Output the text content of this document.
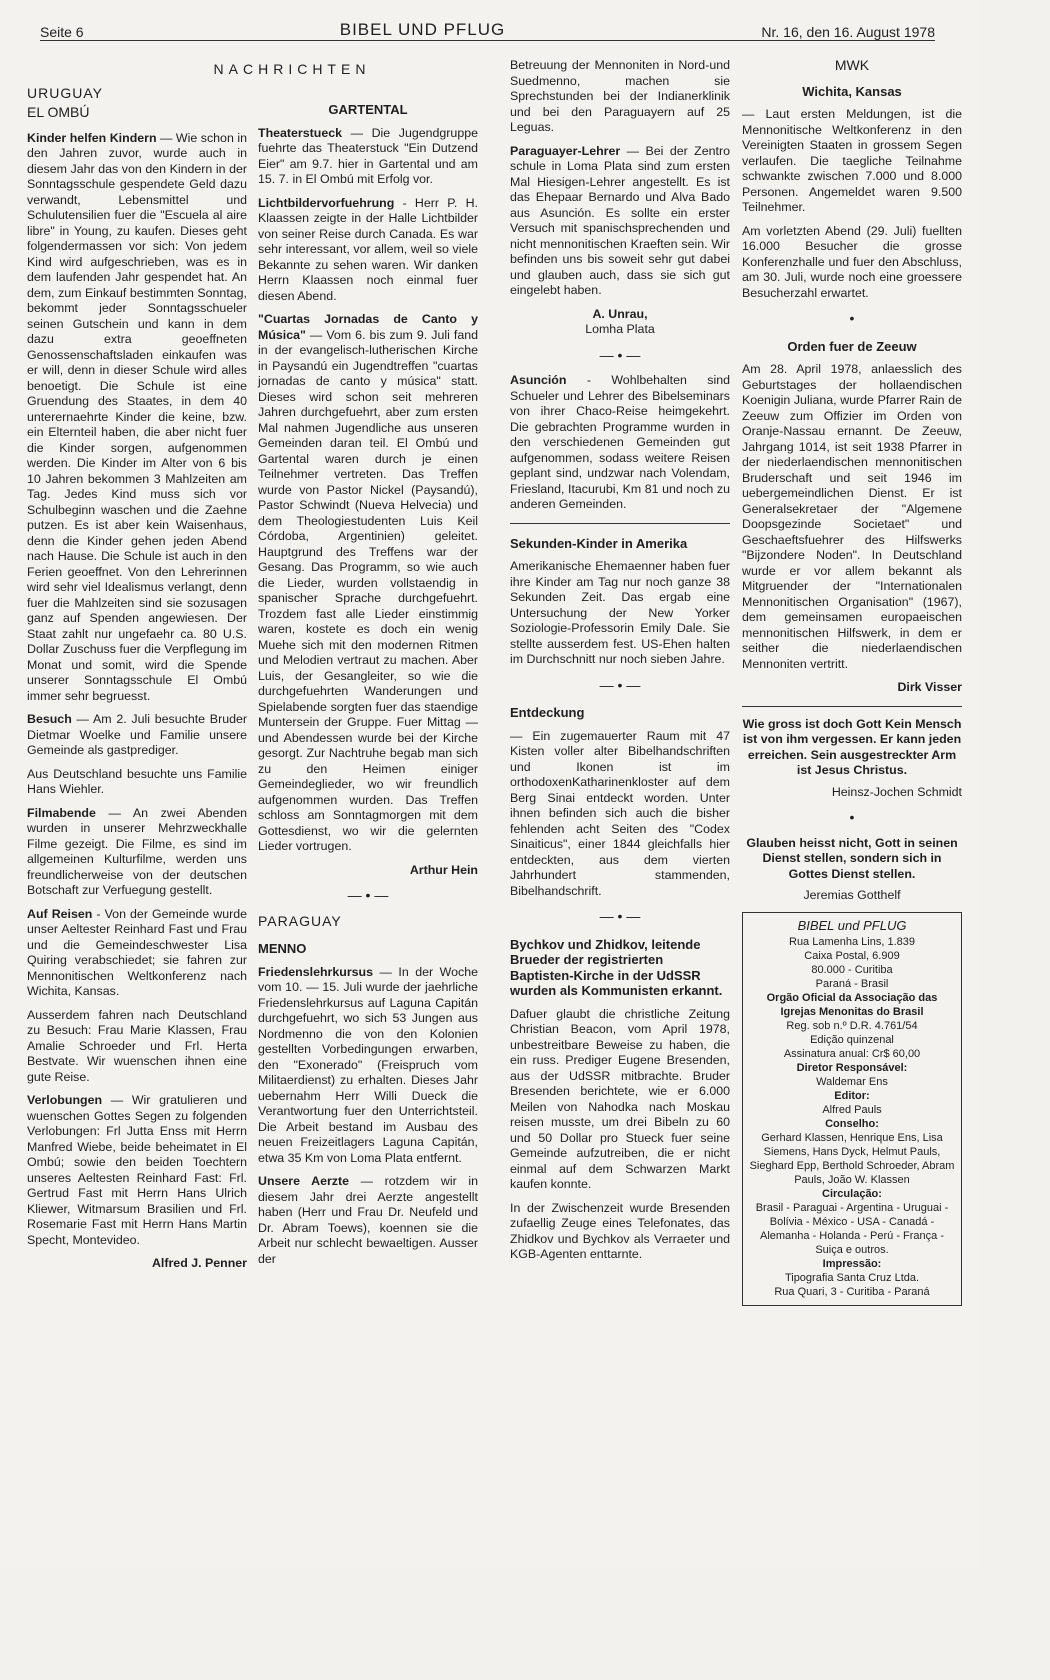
Seite 6	BIBEL UND PFLUG	Nr. 16, den 16. August 1978
NACHRICHTEN
URUGUAY
EL OMBÚ

Kinder helfen Kindern — Wie schon in den Jahren zuvor, wurde auch in diesem Jahr das von den Kindern in der Sonntagsschule gespendete Geld dazu verwandt, Lebensmittel und Schulutensilien fuer die "Escuela al aire libre" in Young, zu kaufen. Dieses geht folgendermassen vor sich: Von jedem Kind wird aufgeschrieben, was es in dem laufenden Jahr gespendet hat. An dem, zum Einkauf bestimmten Sonntag, bekommt jeder Sonntagsschueler seinen Gutschein und kann in dem dazu extra geoeffneten Genossenschaftsladen einkaufen was er will, denn in dieser Schule wird alles benoetigt. Die Schule ist eine Gruendung des Staates, in dem 40 unterernaehrte Kinder die keine, bzw. ein Elternteil haben, die aber nicht fuer die Kinder sorgen, aufgenommen werden. Die Kinder im Alter von 6 bis 10 Jahren bekommen 3 Mahlzeiten am Tag. Jedes Kind muss sich vor Schulbeginn waschen und die Zaehne putzen. Es ist aber kein Waisenhaus, denn die Kinder gehen jeden Abend nach Hause. Die Schule ist auch in den Ferien geoeffnet. Von den Lehrerinnen wird sehr viel Idealismus verlangt, denn fuer die Mahlzeiten sind sie sozusagen ganz auf Spenden angewiesen. Der Staat zahlt nur ungefaehr ca. 80 U.S. Dollar Zuschuss fuer die Verpflegung im Monat und somit, wird die Spende unserer Sonntagsschule El Ombú immer sehr begruesst.

Besuch — Am 2. Juli besuchte Bruder Dietmar Woelke und Familie unsere Gemeinde als gastprediger.

Aus Deutschland besuchte uns Familie Hans Wiehler.

Filmabende — An zwei Abenden wurden in unserer Mehrzweckhalle Filme gezeigt. Die Filme, es sind im allgemeinen Kulturfilme, werden uns freundlicherweise von der deutschen Botschaft zur Verfuegung gestellt.

Auf Reisen - Von der Gemeinde wurde unser Aeltester Reinhard Fast und Frau und die Gemeindeschwester Lisa Quiring verabschiedet; sie fahren zur Mennonitischen Weltkonferenz nach Wichita, Kansas.

Ausserdem fahren nach Deutschland zu Besuch: Frau Marie Klassen, Frau Amalie Schroeder und Frl. Herta Bestvate. Wir wuenschen ihnen eine gute Reise.

Verlobungen — Wir gratulieren und wuenschen Gottes Segen zu folgenden Verlobungen: Frl Jutta Enss mit Herrn Manfred Wiebe, beide beheimatet in El Ombú; sowie den beiden Toechtern unseres Aeltesten Reinhard Fast: Frl. Gertrud Fast mit Herrn Hans Ulrich Kliewer, Witmarsum Brasilien und Frl. Rosemarie Fast mit Herrn Hans Martin Specht, Montevideo.

Alfred J. Penner
GARTENTAL

Theaterstueck — Die Jugendgruppe fuehrte das Theaterstuck "Ein Dutzend Eier" am 9.7. hier in Gartental und am 15. 7. in El Ombú mit Erfolg vor.

Lichtbildervorfuehrung - Herr P. H. Klaassen zeigte in der Halle Lichtbilder von seiner Reise durch Canada. Es war sehr interessant, vor allem, weil so viele Bekannte zu sehen waren. Wir danken Herrn Klaassen noch einmal fuer diesen Abend.

"Cuartas Jornadas de Canto y Música" — Vom 6. bis zum 9. Juli fand in der evangelisch-lutherischen Kirche in Paysandú ein Jugendtreffen "cuartas jornadas de canto y música" statt. Dieses wird schon seit mehreren Jahren durchgefuehrt, aber zum ersten Mal nahmen Jugendliche aus unseren Gemeinden daran teil. El Ombú und Gartental waren durch je einen Teilnehmer vertreten. Das Treffen wurde von Pastor Nickel (Paysandú), Pastor Schwindt (Nueva Helvecia) und dem Theologiestudenten Luis Keil Córdoba, Argentinien) geleitet. Hauptgrund des Treffens war der Gesang. Das Programm, so wie auch die Lieder, wurden vollstaendig in spanischer Sprache durchgefuehrt. Trozdem fast alle Lieder einstimmig waren, kostete es doch ein wenig Muehe sich mit den modernen Ritmen und Melodien vertraut zu machen. Aber Luis, der Gesangleiter, so wie die durchgefuehrten Wanderungen und Spielabende sorgten fuer das staendige Muntersein der Gruppe. Fuer Mittag — und Abendessen wurde bei der Kirche gesorgt. Zur Nachtruhe begab man sich zu den Heimen einiger Gemeindeglieder, wo wir freundlich aufgenommen wurden. Das Treffen schloss am Sonntagmorgen mit dem Gottesdienst, wo wir die gelernten Lieder vortrugen.

Arthur Hein
— • —
PARAGUAY
MENNO

Friedenslehrkursus — In der Woche vom 10. — 15. Juli wurde der jaehrliche Friedenslehrkursus auf Laguna Capitán durchgefuehrt, wo sich 53 Jungen aus Nordmenno die von den Kolonien gestellten Vorbedingungen erwarben, den "Exonerado" (Freispruch vom Militaerdienst) zu erhalten. Dieses Jahr uebernahm Herr Willi Dueck die Verantwortung fuer den Unterrichtsteil. Die Arbeit bestand im Ausbau des neuen Freizeitlagers Laguna Capitán, etwa 35 Km von Loma Plata entfernt.

Unsere Aerzte — rotzdem wir in diesem Jahr drei Aerzte angestellt haben (Herr und Frau Dr. Neufeld und Dr. Abram Toews), koennen sie die Arbeit nur schlecht bewaeltigen. Ausser der

Betreuung der Mennoniten in Nord-und Suedmenno, machen sie Sprechstunden bei der Indianerklinik und bei den Paraguayern auf 25 Leguas.

Paraguayer-Lehrer — Bei der Zentro schule in Loma Plata sind zum ersten Mal Hiesigen-Lehrer angestellt. Es ist das Ehepaar Bernardo und Alva Bado aus Asunción. Es sollte ein erster Versuch mit spanischsprechenden und nicht mennonitischen Kraeften sein. Wir befinden uns bis soweit sehr gut dabei und glauben auch, dass sie sich gut eingelebt haben.

A. Unrau,
Lomha Plata
— • —

Asunción - Wohlbehalten sind Schueler und Lehrer des Bibelseminars von ihrer Chaco-Reise heimgekehrt. Die gebrachten Programme wurden in den verschiedenen Gemeinden gut aufgenommen, sodass weitere Reisen geplant sind, undzwar nach Volendam, Friesland, Itacurubi, Km 81 und noch zu anderen Gemeinden.

Sekunden-Kinder in Amerika

Amerikanische Ehemaenner haben fuer ihre Kinder am Tag nur noch ganze 38 Sekunden Zeit. Das ergab eine Untersuchung der New Yorker Soziologie-Professorin Emily Dale. Sie stellte ausserdem fest. US-Ehen halten im Durchschnitt nur noch sieben Jahre.

— • —
Entdeckung

— Ein zugemauerter Raum mit 47 Kisten voller alter Bibelhandschriften und Ikonen ist im orthodoxenKatharinenkloster auf dem Berg Sinai entdeckt worden. Unter ihnen befinden sich auch die bisher fehlenden acht Seiten des "Codex Sinaiticus", einer 1844 gleichfalls hier entdeckten, aus dem vierten Jahrhundert stammenden, Bibelhandschrift.

— • —
Bychkov und Zhidkov, leitende Brueder der registrierten Baptisten-Kirche in der UdSSR wurden als Kommunisten erkannt.

Dafuer glaubt die christliche Zeitung Christian Beacon, vom April 1978, unbestreitbare Beweise zu haben, die ein russ. Prediger Eugene Bresenden, aus der UdSSR mitbrachte. Bruder Bresenden berichtete, wie er 6.000 Meilen von Nahodka nach Moskau reisen musste, um drei Bibeln zu 60 und 50 Dollar pro Stueck fuer seine Gemeinde aufzutreiben, die er nicht einmal auf dem Schwarzen Markt kaufen konnte.

In der Zwischenzeit wurde Bresenden zufaellig Zeuge eines Telefonates, das Zhidkov und Bychkov als Verraeter und KGB-Agenten enttarnte.

MWK
Wichita, Kansas

— Laut ersten Meldungen, ist die Mennonitische Weltkonferenz in den Vereinigten Staaten in grossem Segen verlaufen. Die taegliche Teilnahme schwankte zwischen 7.000 und 8.000 Personen. Angemeldet waren 9.500 Teilnehmer.

Am vorletzten Abend (29. Juli) fuellten 16.000 Besucher die grosse Konferenzhalle und fuer den Abschluss, am 30. Juli, wurde noch eine groessere Besucherzahl erwartet.

•
Orden fuer de Zeeuw

Am 28. April 1978, anlaesslich des Geburtstages der hollaendischen Koenigin Juliana, wurde Pfarrer Rain de Zeeuw zum Offizier im Orden von Oranje-Nassau ernannt. De Zeeuw, Jahrgang 1014, ist seit 1938 Pfarrer in der niederlaendischen mennonitischen Bruderschaft und seit 1946 im uebergemeindlichen Dienst. Er ist Generalsekretaer der "Algemene Doopsgezinde Societaet" und Geschaeftsfuehrer des Hilfswerks "Bijzondere Noden". In Deutschland wurde er vor allem bekannt als Mitgruender der "Internationalen Mennonitischen Organisation" (1967), dem gemeinsamen europaeischen mennonitischen Hilfswerk, in dem er seither die niederlaendischen Mennoniten vertritt.

Dirk Visser
Wie gross ist doch Gott Kein Mensch ist von ihm vergessen. Er kann jeden erreichen. Sein ausgestreckter Arm ist Jesus Christus.
Heinsz-Jochen Schmidt
•
Glauben heisst nicht, Gott in seinen Dienst stellen, sondern sich in Gottes Dienst stellen.
Jeremias Gotthelf
BIBEL und PFLUG
Rua Lamenha Lins, 1.839
Caixa Postal, 6.909
80.000 - Curitiba
Paraná - Brasil
Orgão Oficial da Associação das Igrejas Menonitas do Brasil
Reg. sob n.º D.R. 4.761/54
Edição quinzenal
Assinatura anual: Cr$ 60,00
Diretor Responsável:
Waldemar Ens
Editor:
Alfred Pauls
Conselho:
Gerhard Klassen, Henrique Ens, Lisa Siemens, Hans Dyck, Helmut Pauls, Sieghard Epp, Berthold Schroeder, Abram Pauls, João W. Klassen
Circulação:
Brasil - Paraguai - Argentina - Uruguai - Bolívia - México - USA - Canadá - Alemanha - Holanda - Perú - França - Suiça e outros.
Impressão:
Tipografia Santa Cruz Ltda.
Rua Quari, 3 - Curitiba - Paraná
